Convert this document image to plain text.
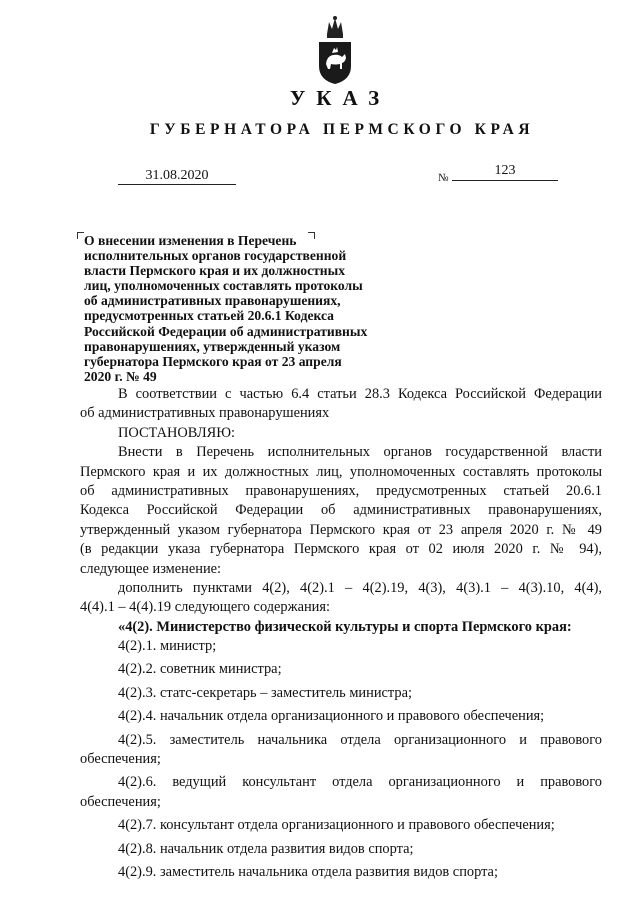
УКАЗ
ГУБЕРНАТОРА ПЕРМСКОГО КРАЯ
31.08.2020	№	123
О внесении изменения в Перечень
исполнительных органов государственной
власти Пермского края и их должностных
лиц, уполномоченных составлять протоколы
об административных правонарушениях,
предусмотренных статьей 20.6.1 Кодекса
Российской Федерации об административных
правонарушениях, утвержденный указом
губернатора Пермского края от 23 апреля
2020 г. № 49
В соответствии с частью 6.4 статьи 28.3 Кодекса Российской Федерации
об административных правонарушениях
ПОСТАНОВЛЯЮ:
Внести в Перечень исполнительных органов государственной власти
Пермского края и их должностных лиц, уполномоченных составлять протоколы
об административных правонарушениях, предусмотренных статьей 20.6.1
Кодекса Российской Федерации об административных правонарушениях,
утвержденный указом губернатора Пермского края от 23 апреля 2020 г. № 49
(в редакции указа губернатора Пермского края от 02 июля 2020 г. № 94),
следующее изменение:
дополнить пунктами 4(2), 4(2).1 – 4(2).19, 4(3), 4(3).1 – 4(3).10, 4(4),
4(4).1 – 4(4).19 следующего содержания:
«4(2). Министерство физической культуры и спорта Пермского края:
4(2).1. министр;
4(2).2. советник министра;
4(2).3. статс-секретарь – заместитель министра;
4(2).4. начальник отдела организационного и правового обеспечения;
4(2).5. заместитель начальника отдела организационного и правового
обеспечения;
4(2).6. ведущий консультант отдела организационного и правового
обеспечения;
4(2).7. консультант отдела организационного и правового обеспечения;
4(2).8. начальник отдела развития видов спорта;
4(2).9. заместитель начальника отдела развития видов спорта;
